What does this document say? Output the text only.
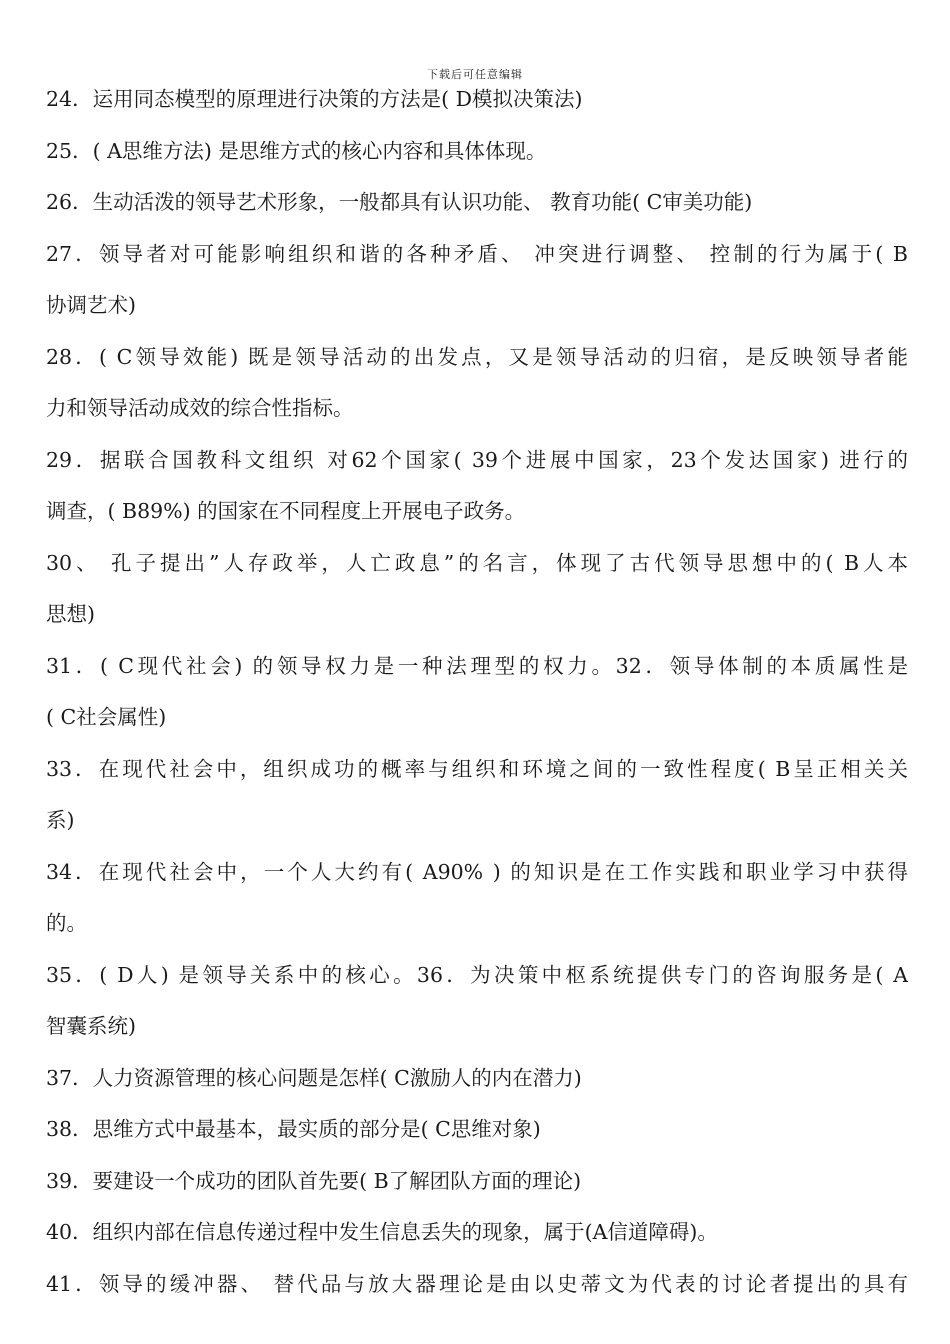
下载后可任意编辑
24．运用同态模型的原理进行决策的方法是( D模拟决策法)
25．( A思维方法) 是思维方式的核心内容和具体体现。
26．生动活泼的领导艺术形象，一般都具有认识功能、 教育功能( C审美功能)
27．领导者对可能影响组织和谐的各种矛盾、 冲突进行调整、 控制的行为属于( B
协调艺术)
28．( C领导效能) 既是领导活动的出发点，又是领导活动的归宿，是反映领导者能
力和领导活动成效的综合性指标。
29．据联合国教科文组织 对62个国家( 39个进展中国家，23个发达国家) 进行的
调查，( B89%) 的国家在不同程度上开展电子政务。
30、 孔子提出”人存政举，人亡政息”的名言，体现了古代领导思想中的( B人本
思想)
31．( C现代社会) 的领导权力是一种法理型的权力。32．领导体制的本质属性是
( C社会属性)
33．在现代社会中，组织成功的概率与组织和环境之间的一致性程度( B呈正相关关
系)
34．在现代社会中，一个人大约有( A90% ) 的知识是在工作实践和职业学习中获得
的。
35．( D人) 是领导关系中的核心。36．为决策中枢系统提供专门的咨询服务是( A
智囊系统)
37．人力资源管理的核心问题是怎样( C激励人的内在潜力)
38．思维方式中最基本，最实质的部分是( C思维对象)
39．要建设一个成功的团队首先要( B了解团队方面的理论)
40．组织内部在信息传递过程中发生信息丢失的现象，属于(A信道障碍)。
41．领导的缓冲器、 替代品与放大器理论是由以史蒂文为代表的讨论者提出的具有
